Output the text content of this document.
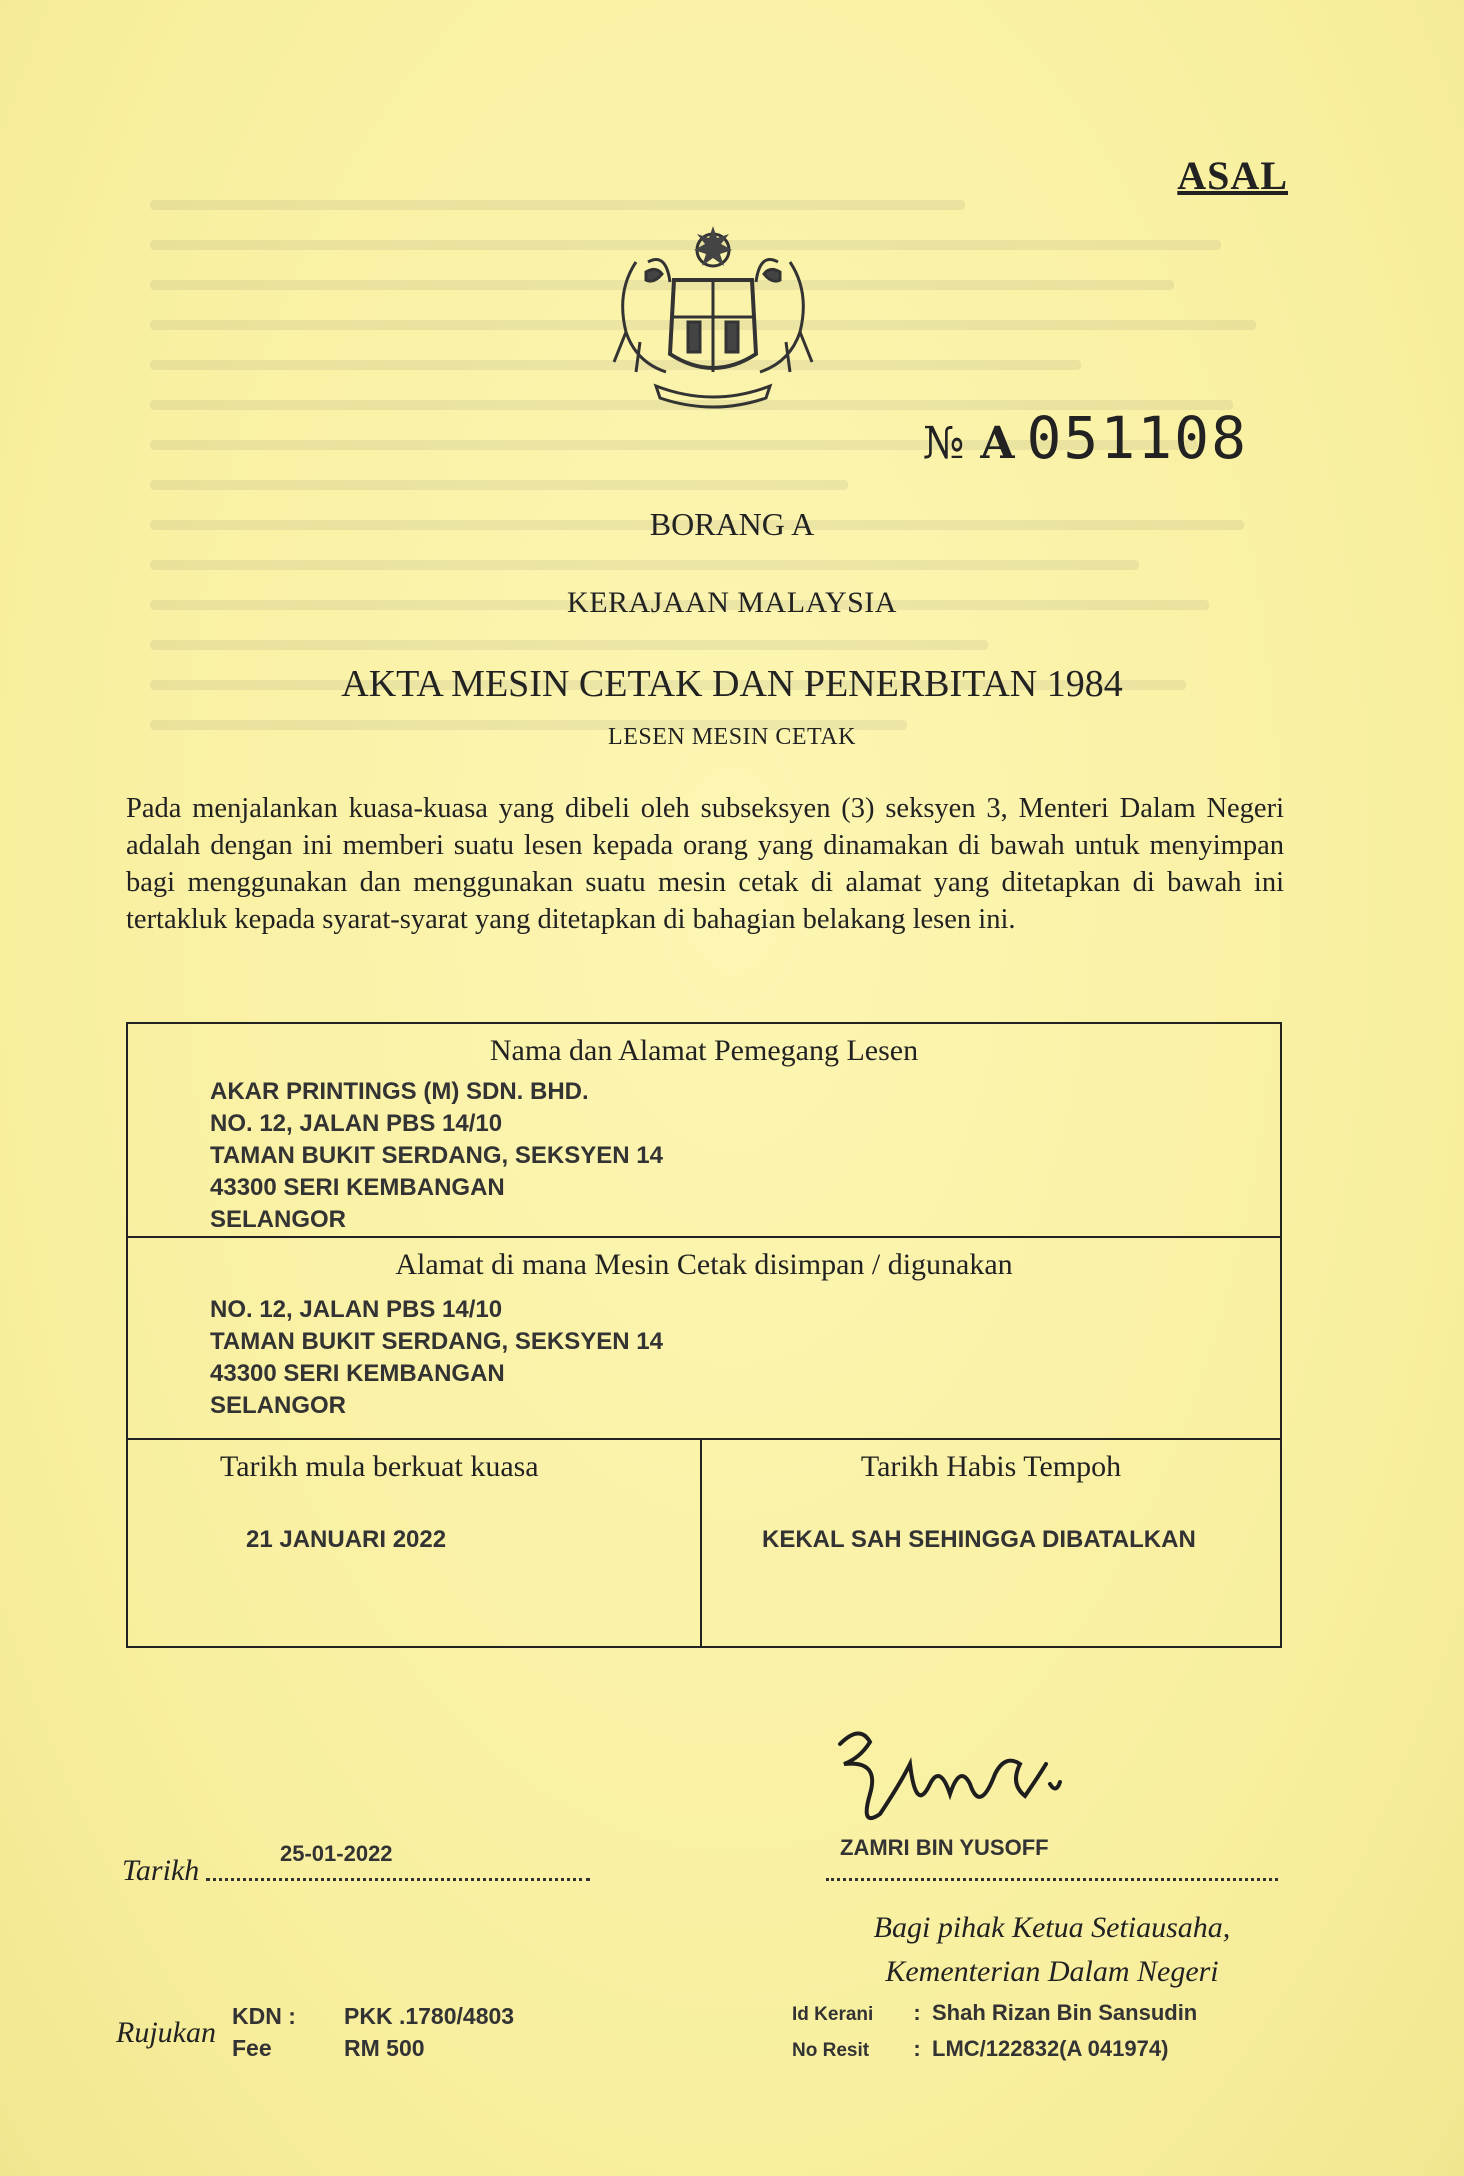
ASAL
№ A 051108
BORANG A
KERAJAAN MALAYSIA
AKTA MESIN CETAK DAN PENERBITAN 1984
LESEN MESIN CETAK
Pada menjalankan kuasa-kuasa yang dibeli oleh subseksyen (3) seksyen 3, Menteri Dalam Negeri adalah dengan ini memberi suatu lesen kepada orang yang dinamakan di bawah untuk menyimpan bagi menggunakan dan menggunakan suatu mesin cetak di alamat yang ditetapkan di bawah ini tertakluk kepada syarat-syarat yang ditetapkan di bahagian belakang lesen ini.
Nama dan Alamat Pemegang Lesen
AKAR PRINTINGS (M) SDN. BHD.
NO. 12, JALAN PBS 14/10
TAMAN BUKIT SERDANG, SEKSYEN 14
43300 SERI KEMBANGAN
SELANGOR
Alamat di mana Mesin Cetak disimpan / digunakan
NO. 12, JALAN PBS 14/10
TAMAN BUKIT SERDANG, SEKSYEN 14
43300 SERI KEMBANGAN
SELANGOR
Tarikh mula berkuat kuasa
21 JANUARI 2022
Tarikh Habis Tempoh
KEKAL SAH SEHINGGA DIBATALKAN
ZAMRI BIN YUSOFF
Tarikh
25-01-2022
Bagi pihak Ketua Setiausaha,
Kementerian Dalam Negeri
Rujukan KDN : PKK .1780/4803
Fee	RM 500
Id Kerani : Shah Rizan Bin Sansudin
No Resit : LMC/122832(A 041974)
